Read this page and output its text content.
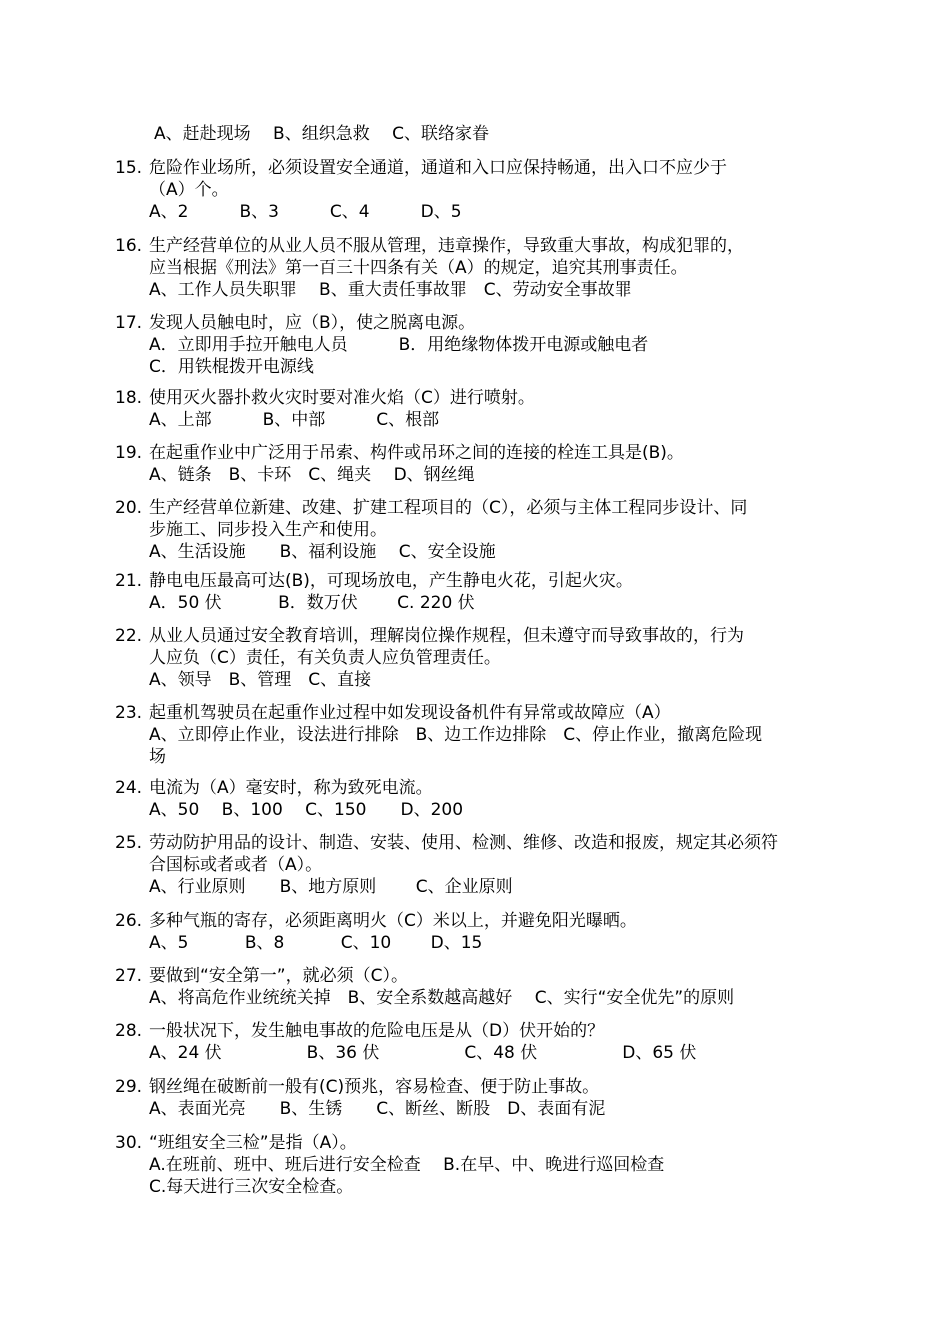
A、赶赴现场　 B、组织急救　 C、联络家眷
15. 危险作业场所，必须设置安全通道，通道和入口应保持畅通，出入口不应少于
（A）个。
A、2　　　B、3　　　C、4　　　D、5
16. 生产经营单位的从业人员不服从管理，违章操作，导致重大事故，构成犯罪的，
应当根据《刑法》第一百三十四条有关（A）的规定，追究其刑事责任。
A、工作人员失职罪　 B、重大责任事故罪　C、劳动安全事故罪
17. 发现人员触电时，应（B），使之脱离电源。
A．立即用手拉开触电人员　　　B．用绝缘物体拨开电源或触电者
C．用铁棍拨开电源线
18. 使用灭火器扑救火灾时要对准火焰（C）进行喷射。
A、上部　　　B、中部　　　C、根部
19. 在起重作业中广泛用于吊索、构件或吊环之间的连接的栓连工具是(B)。
A、链条　B、卡环　C、绳夹　 D、钢丝绳
20. 生产经营单位新建、改建、扩建工程项目的（C），必须与主体工程同步设计、同
步施工、同步投入生产和使用。
A、生活设施　　B、福利设施　 C、安全设施
21. 静电电压最高可达(B)，可现场放电，产生静电火花，引起火灾。
A．50 伏　　　 B．数万伏　　 C. 220 伏
22. 从业人员通过安全教育培训，理解岗位操作规程，但未遵守而导致事故的，行为
人应负（C）责任，有关负责人应负管理责任。
A、领导　B、管理　C、直接
23. 起重机驾驶员在起重作业过程中如发现设备机件有异常或故障应（A）
A、立即停止作业，设法进行排除　B、边工作边排除　C、停止作业，撤离危险现
场
24. 电流为（A）毫安时，称为致死电流。
A、50　 B、100　 C、150　　D、200
25. 劳动防护用品的设计、制造、安装、使用、检测、维修、改造和报废，规定其必须符
合国标或者或者（A）。
A、行业原则　　B、地方原则　　 C、企业原则
26. 多种气瓶的寄存，必须距离明火（C）米以上，并避免阳光曝晒。
A、5　　　 B、8　　　 C、10　　 D、15
27. 要做到“安全第一”，就必须（C）。
A、将高危作业统统关掉　B、安全系数越高越好　 C、实行“安全优先”的原则
28. 一般状况下，发生触电事故的危险电压是从（D）伏开始的？
A、24 伏　　　　　B、36 伏　　　　　C、48 伏　　　　　D、65 伏
29. 钢丝绳在破断前一般有(C)预兆，容易检查、便于防止事故。
A、表面光亮　　B、生锈　　C、断丝、断股　D、表面有泥
30. “班组安全三检”是指（A）。
A.在班前、班中、班后进行安全检查　 B.在早、中、晚进行巡回检查
C.每天进行三次安全检查。
